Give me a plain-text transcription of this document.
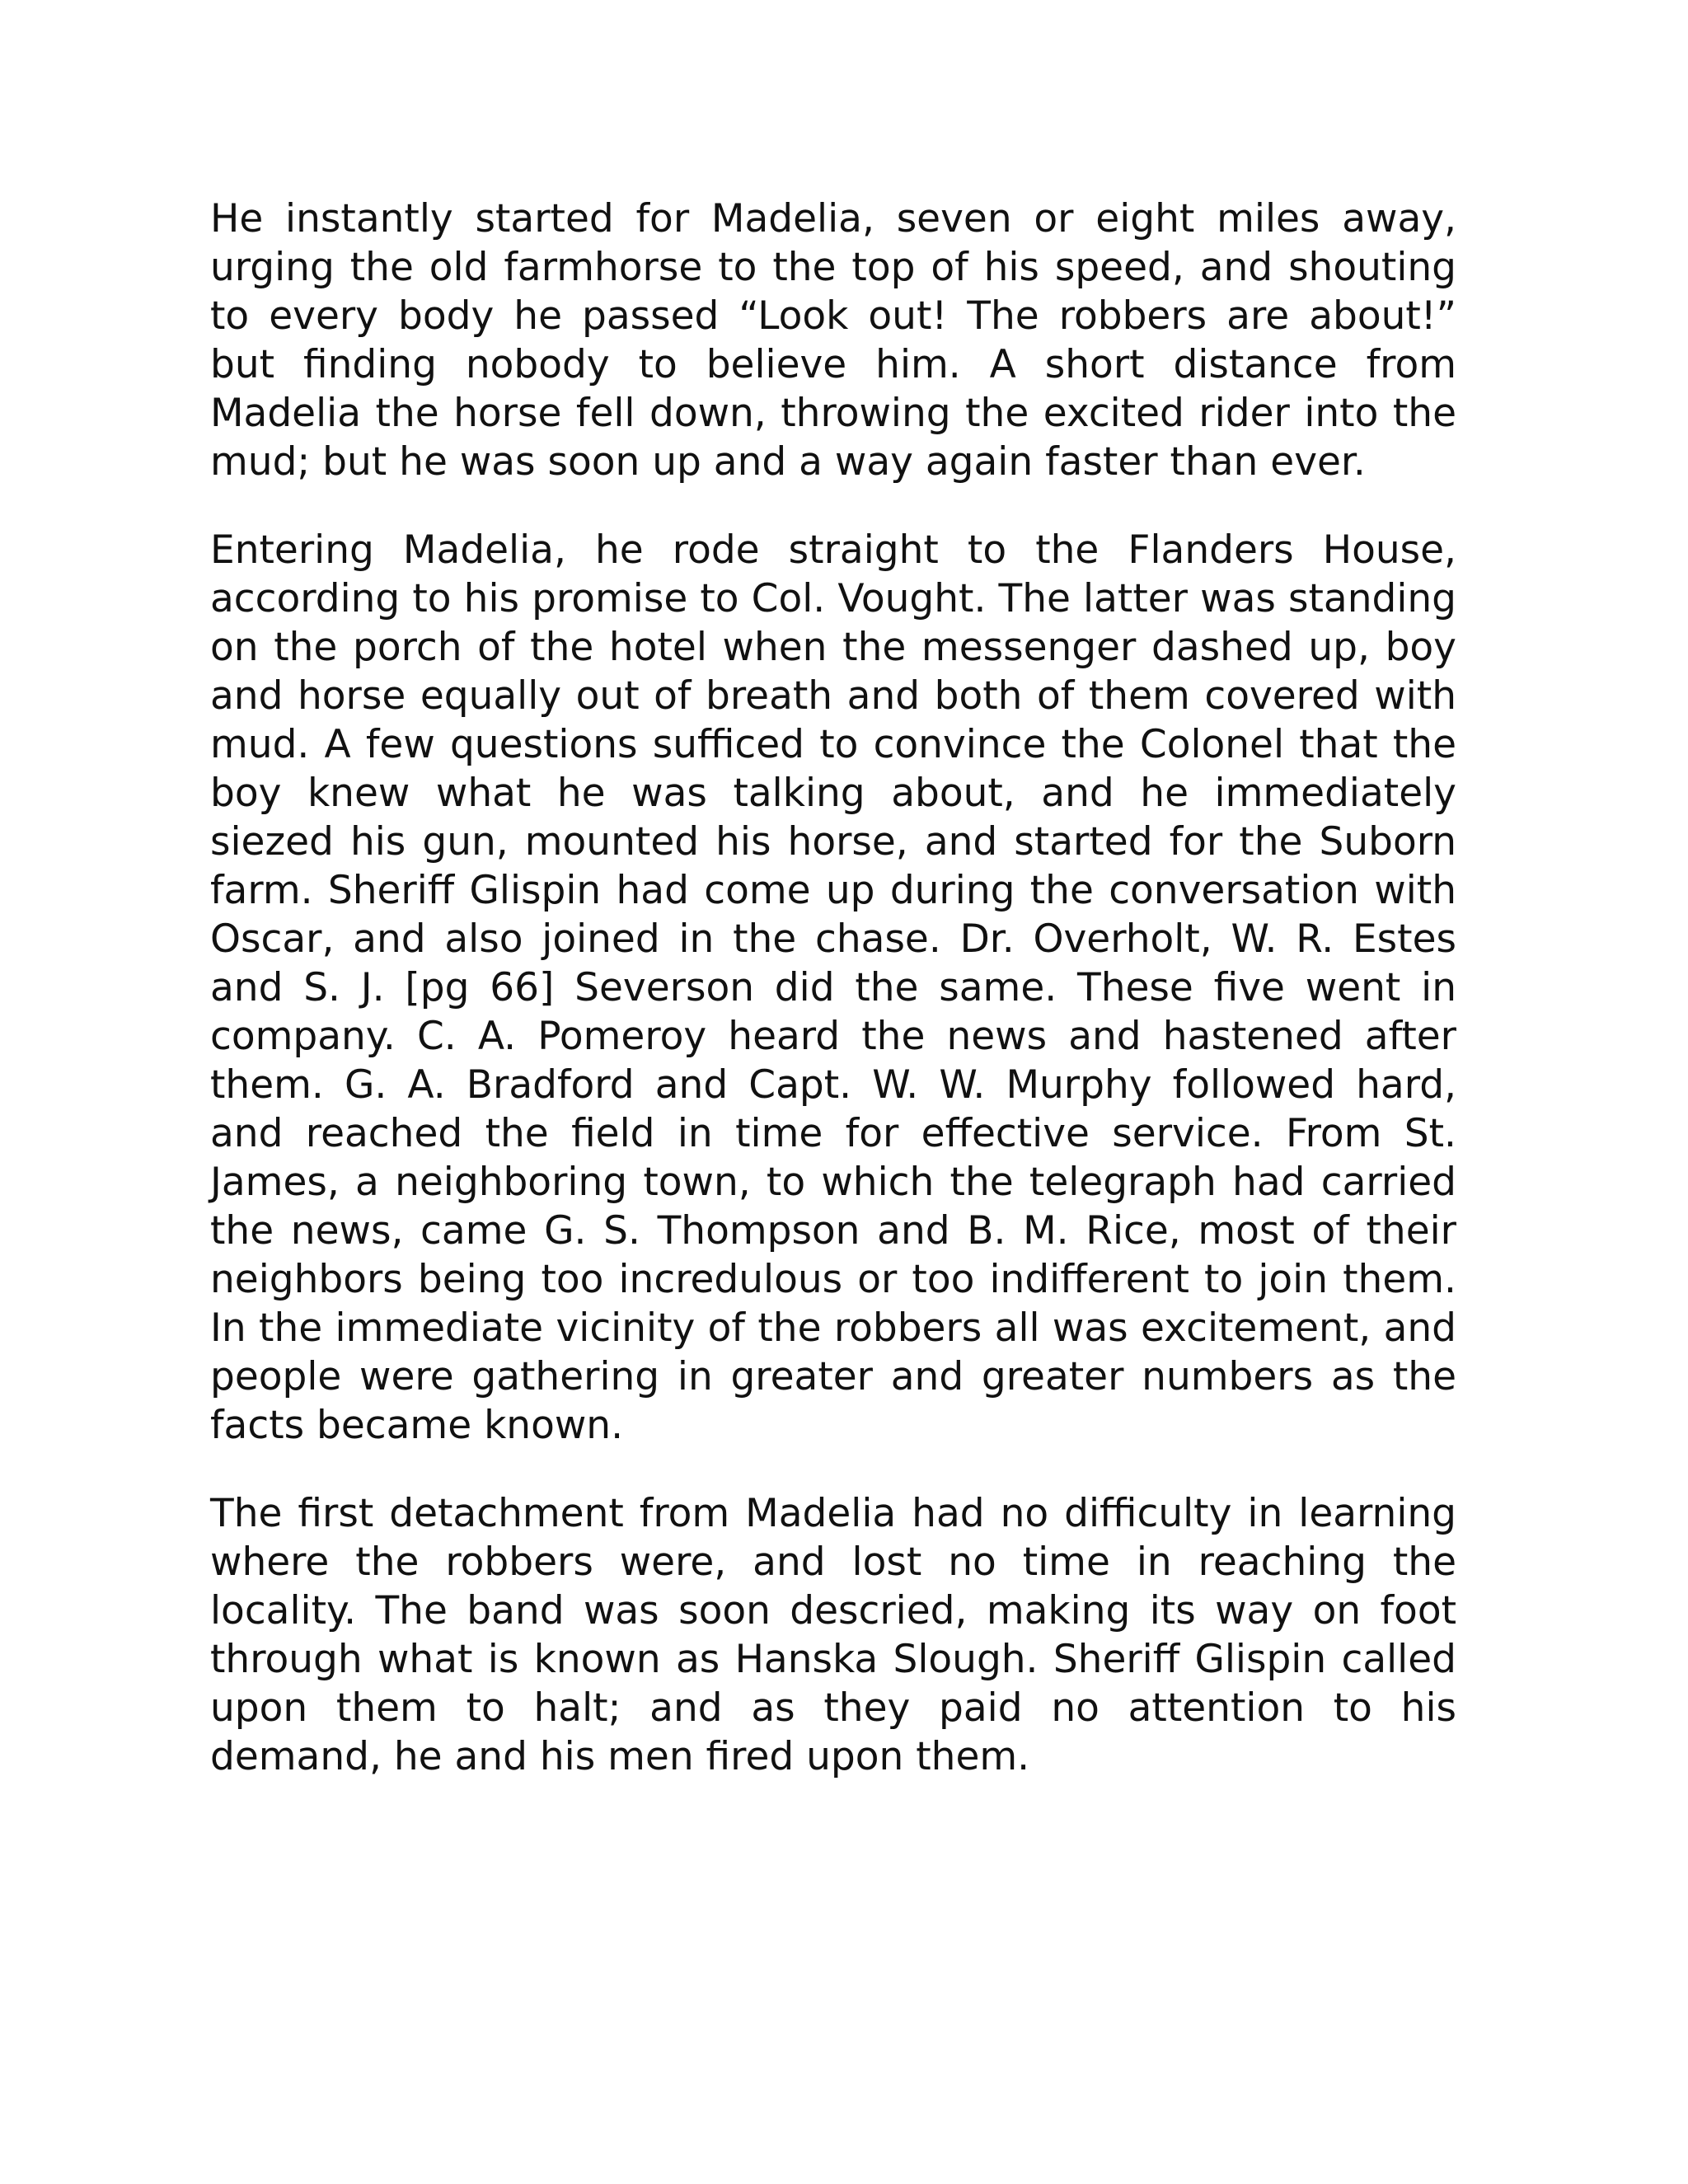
He instantly started for Madelia, seven or eight miles away, urging the old farmhorse to the top of his speed, and shouting to every body he passed “Look out! The robbers are about!” but finding nobody to believe him. A short distance from Madelia the horse fell down, throwing the excited rider into the mud; but he was soon up and a way again faster than ever.

Entering Madelia, he rode straight to the Flanders House, according to his promise to Col. Vought. The latter was standing on the porch of the hotel when the messenger dashed up, boy and horse equally out of breath and both of them covered with mud. A few questions sufficed to convince the Colonel that the boy knew what he was talking about, and he immediately siezed his gun, mounted his horse, and started for the Suborn farm. Sheriff Glispin had come up during the conversation with Oscar, and also joined in the chase. Dr. Overholt, W. R. Estes and S. J. [pg 66] Severson did the same. These five went in company. C. A. Pomeroy heard the news and hastened after them. G. A. Bradford and Capt. W. W. Murphy followed hard, and reached the field in time for effective service. From St. James, a neighboring town, to which the telegraph had carried the news, came G. S. Thompson and B. M. Rice, most of their neighbors being too incredulous or too indifferent to join them. In the immediate vicinity of the robbers all was excitement, and people were gathering in greater and greater numbers as the facts became known.

The first detachment from Madelia had no difficulty in learning where the robbers were, and lost no time in reaching the locality. The band was soon descried, making its way on foot through what is known as Hanska Slough. Sheriff Glispin called upon them to halt; and as they paid no attention to his demand, he and his men fired upon them.
